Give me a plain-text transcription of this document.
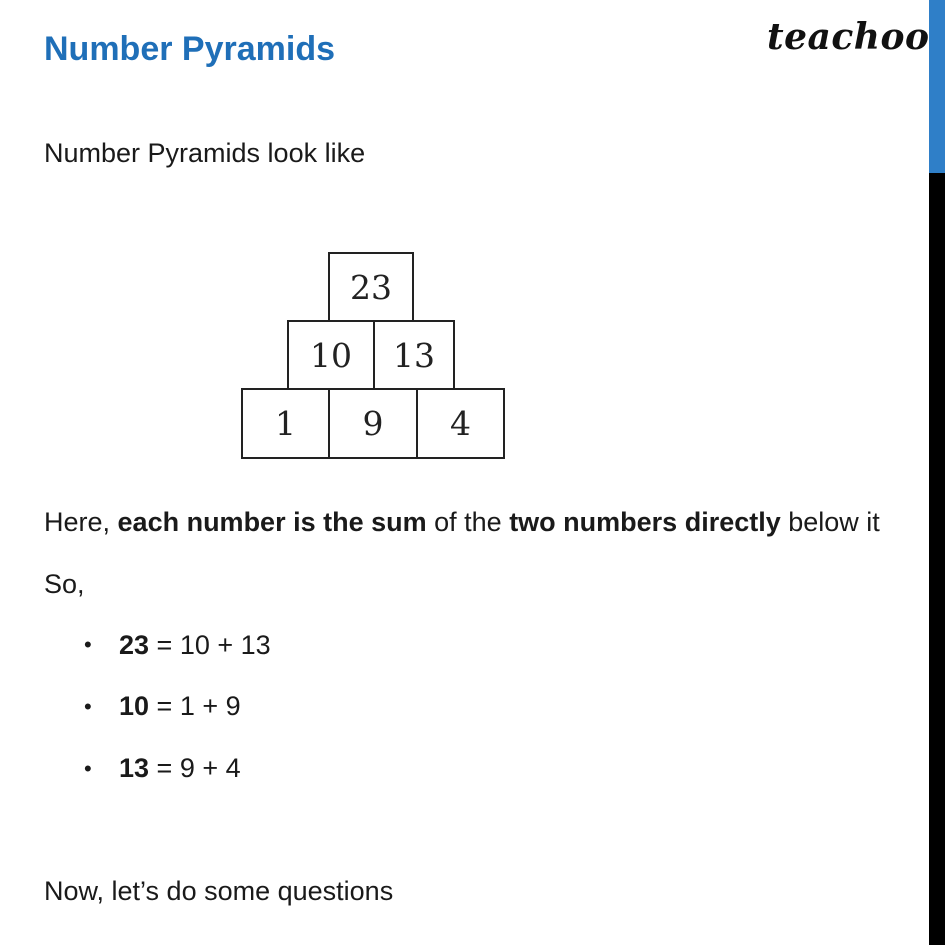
Number Pyramids	teachoo
Number Pyramids look like
23
10	13
1	9	4
Here, each number is the sum of the two numbers directly below it
So,
• 23 = 10 + 13
• 10 = 1 + 9
• 13 = 9 + 4
Now, let’s do some questions
